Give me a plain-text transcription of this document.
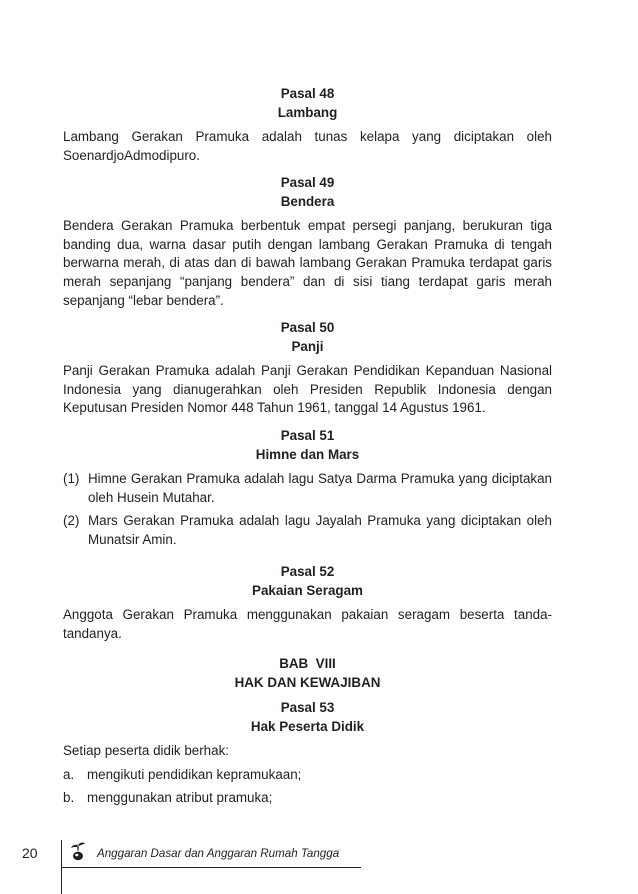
Pasal 48
Lambang
Lambang Gerakan Pramuka adalah tunas kelapa yang diciptakan oleh SoenardjoAdmodipuro.
Pasal 49
Bendera
Bendera Gerakan Pramuka berbentuk empat persegi panjang, berukuran tiga banding dua, warna dasar putih dengan lambang Gerakan Pramuka di tengah berwarna merah, di atas dan di bawah lambang Gerakan Pramuka terdapat garis merah sepanjang “panjang bendera” dan di sisi tiang terdapat garis merah sepanjang “lebar bendera”.
Pasal 50
Panji
Panji Gerakan Pramuka adalah Panji Gerakan Pendidikan Kepanduan Nasional Indonesia yang dianugerahkan oleh Presiden Republik Indonesia dengan Keputusan Presiden Nomor 448 Tahun 1961, tanggal 14 Agustus 1961.
Pasal 51
Himne dan Mars
(1) Himne Gerakan Pramuka adalah lagu Satya Darma Pramuka yang diciptakan oleh Husein Mutahar.
(2) Mars Gerakan Pramuka adalah lagu Jayalah Pramuka yang diciptakan oleh Munatsir Amin.
Pasal 52
Pakaian Seragam
Anggota Gerakan Pramuka menggunakan pakaian seragam beserta tanda-tandanya.
BAB  VIII
HAK DAN KEWAJIBAN
Pasal 53
Hak Peserta Didik
Setiap peserta didik berhak:
a. mengikuti pendidikan kepramukaan;
b. menggunakan atribut pramuka;
20	Anggaran Dasar dan Anggaran Rumah Tangga
